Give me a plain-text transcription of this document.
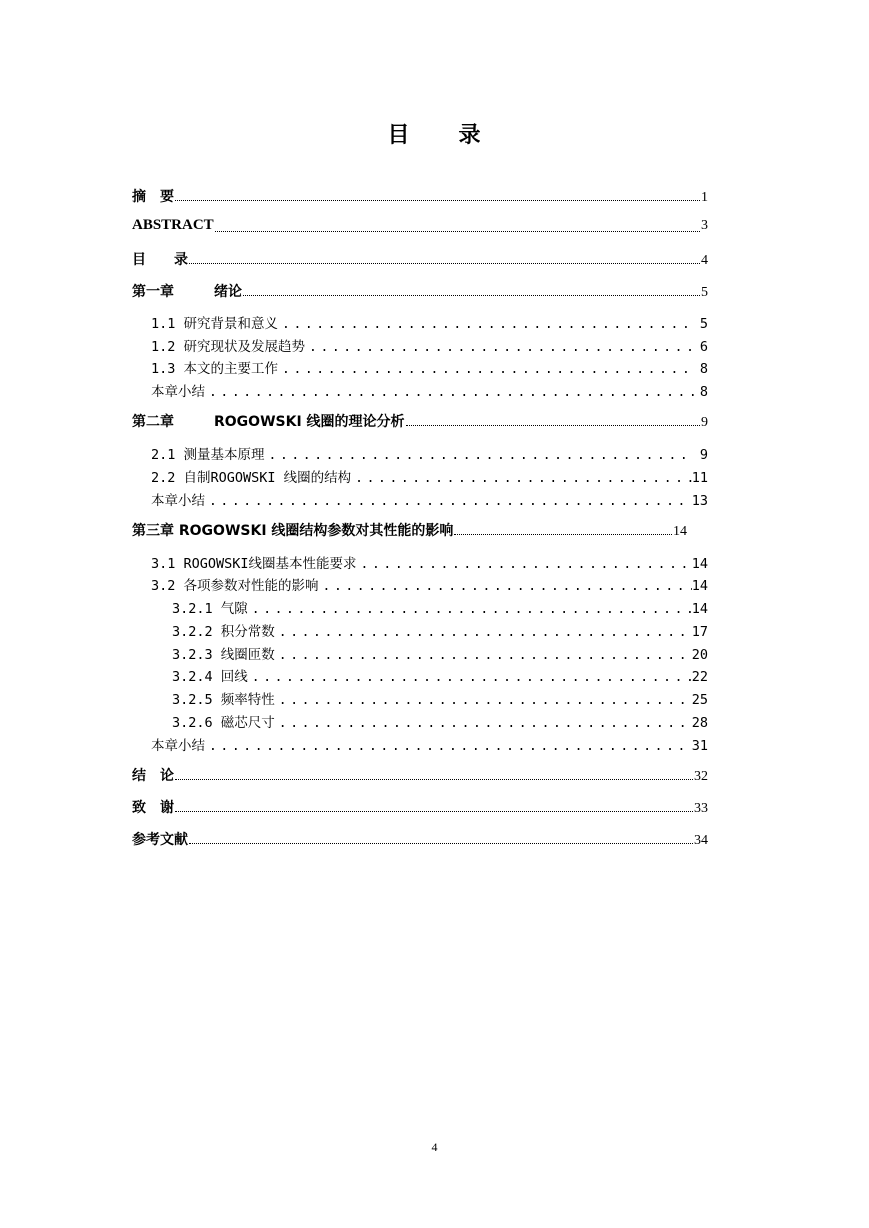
目 录
摘　要	1
ABSTRACT	3
目　　录	4
第一章	绪论	5
1.1 研究背景和意义 .....	5
1.2 研究现状及发展趋势 .....	6
1.3 本文的主要工作 .....	8
本章小结 .....	8
第二章	ROGOWSKI 线圈的理论分析	9
2.1 测量基本原理 .....	9
2.2 自制ROGOWSKI 线圈的结构 .....	11
本章小结 .....	13
第三章 ROGOWSKI 线圈结构参数对其性能的影响	14
3.1 ROGOWSKI线圈基本性能要求 .....	14
3.2 各项参数对性能的影响 .....	14
3.2.1 气隙 .....	14
3.2.2 积分常数 .....	17
3.2.3 线圈匝数 .....	20
3.2.4 回线 .....	22
3.2.5 频率特性 .....	25
3.2.6 磁芯尺寸 .....	28
本章小结 .....	31
结　论	32
致　谢	33
参考文献	34
4
